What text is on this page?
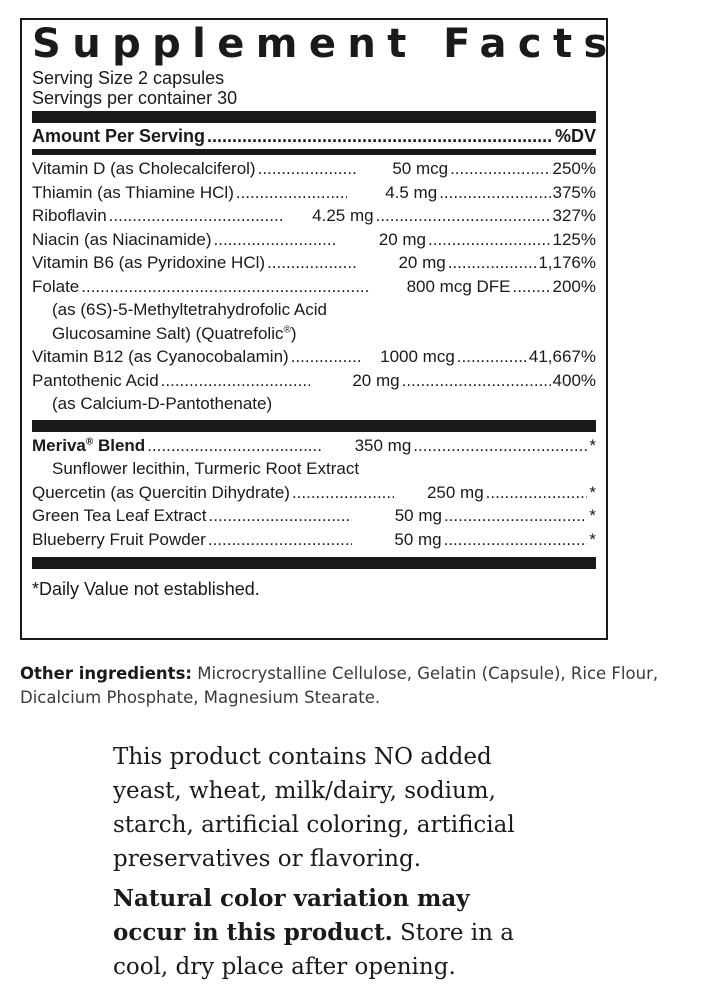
Supplement Facts
Serving Size 2 capsules
Servings per container 30
Amount Per Serving .....	%DV
Vitamin D (as Cholecalciferol) .....	50 mcg .....	250%
Thiamin (as Thiamine HCl) .....	4.5 mg .....	375%
Riboflavin .....	4.25 mg .....	327%
Niacin (as Niacinamide) .....	20 mg .....	125%
Vitamin B6 (as Pyridoxine HCl) .....	20 mg .....	1,176%
Folate .....	800 mcg DFE ..... 200%
(as (6S)-5-Methyltetrahydrofolic Acid
Glucosamine Salt) (Quatrefolic®)
Vitamin B12 (as Cyanocobalamin) .....	1000 mcg .....	41,667%
Pantothenic Acid .....	20 mg .....	400%
(as Calcium-D-Pantothenate)
Meriva® Blend .....	350 mg .....	*
Sunflower lecithin, Turmeric Root Extract
Quercetin (as Quercitin Dihydrate) .....	250 mg .....	*
Green Tea Leaf Extract .....	50 mg .....	*
Blueberry Fruit Powder .....	50 mg .....	*
*Daily Value not established.
Other ingredients: Microcrystalline Cellulose, Gelatin (Capsule), Rice Flour, Dicalcium Phosphate, Magnesium Stearate.

This product contains NO added yeast, wheat, milk/dairy, sodium, starch, artificial coloring, artificial preservatives or flavoring.

Natural color variation may occur in this product. Store in a cool, dry place after opening.
